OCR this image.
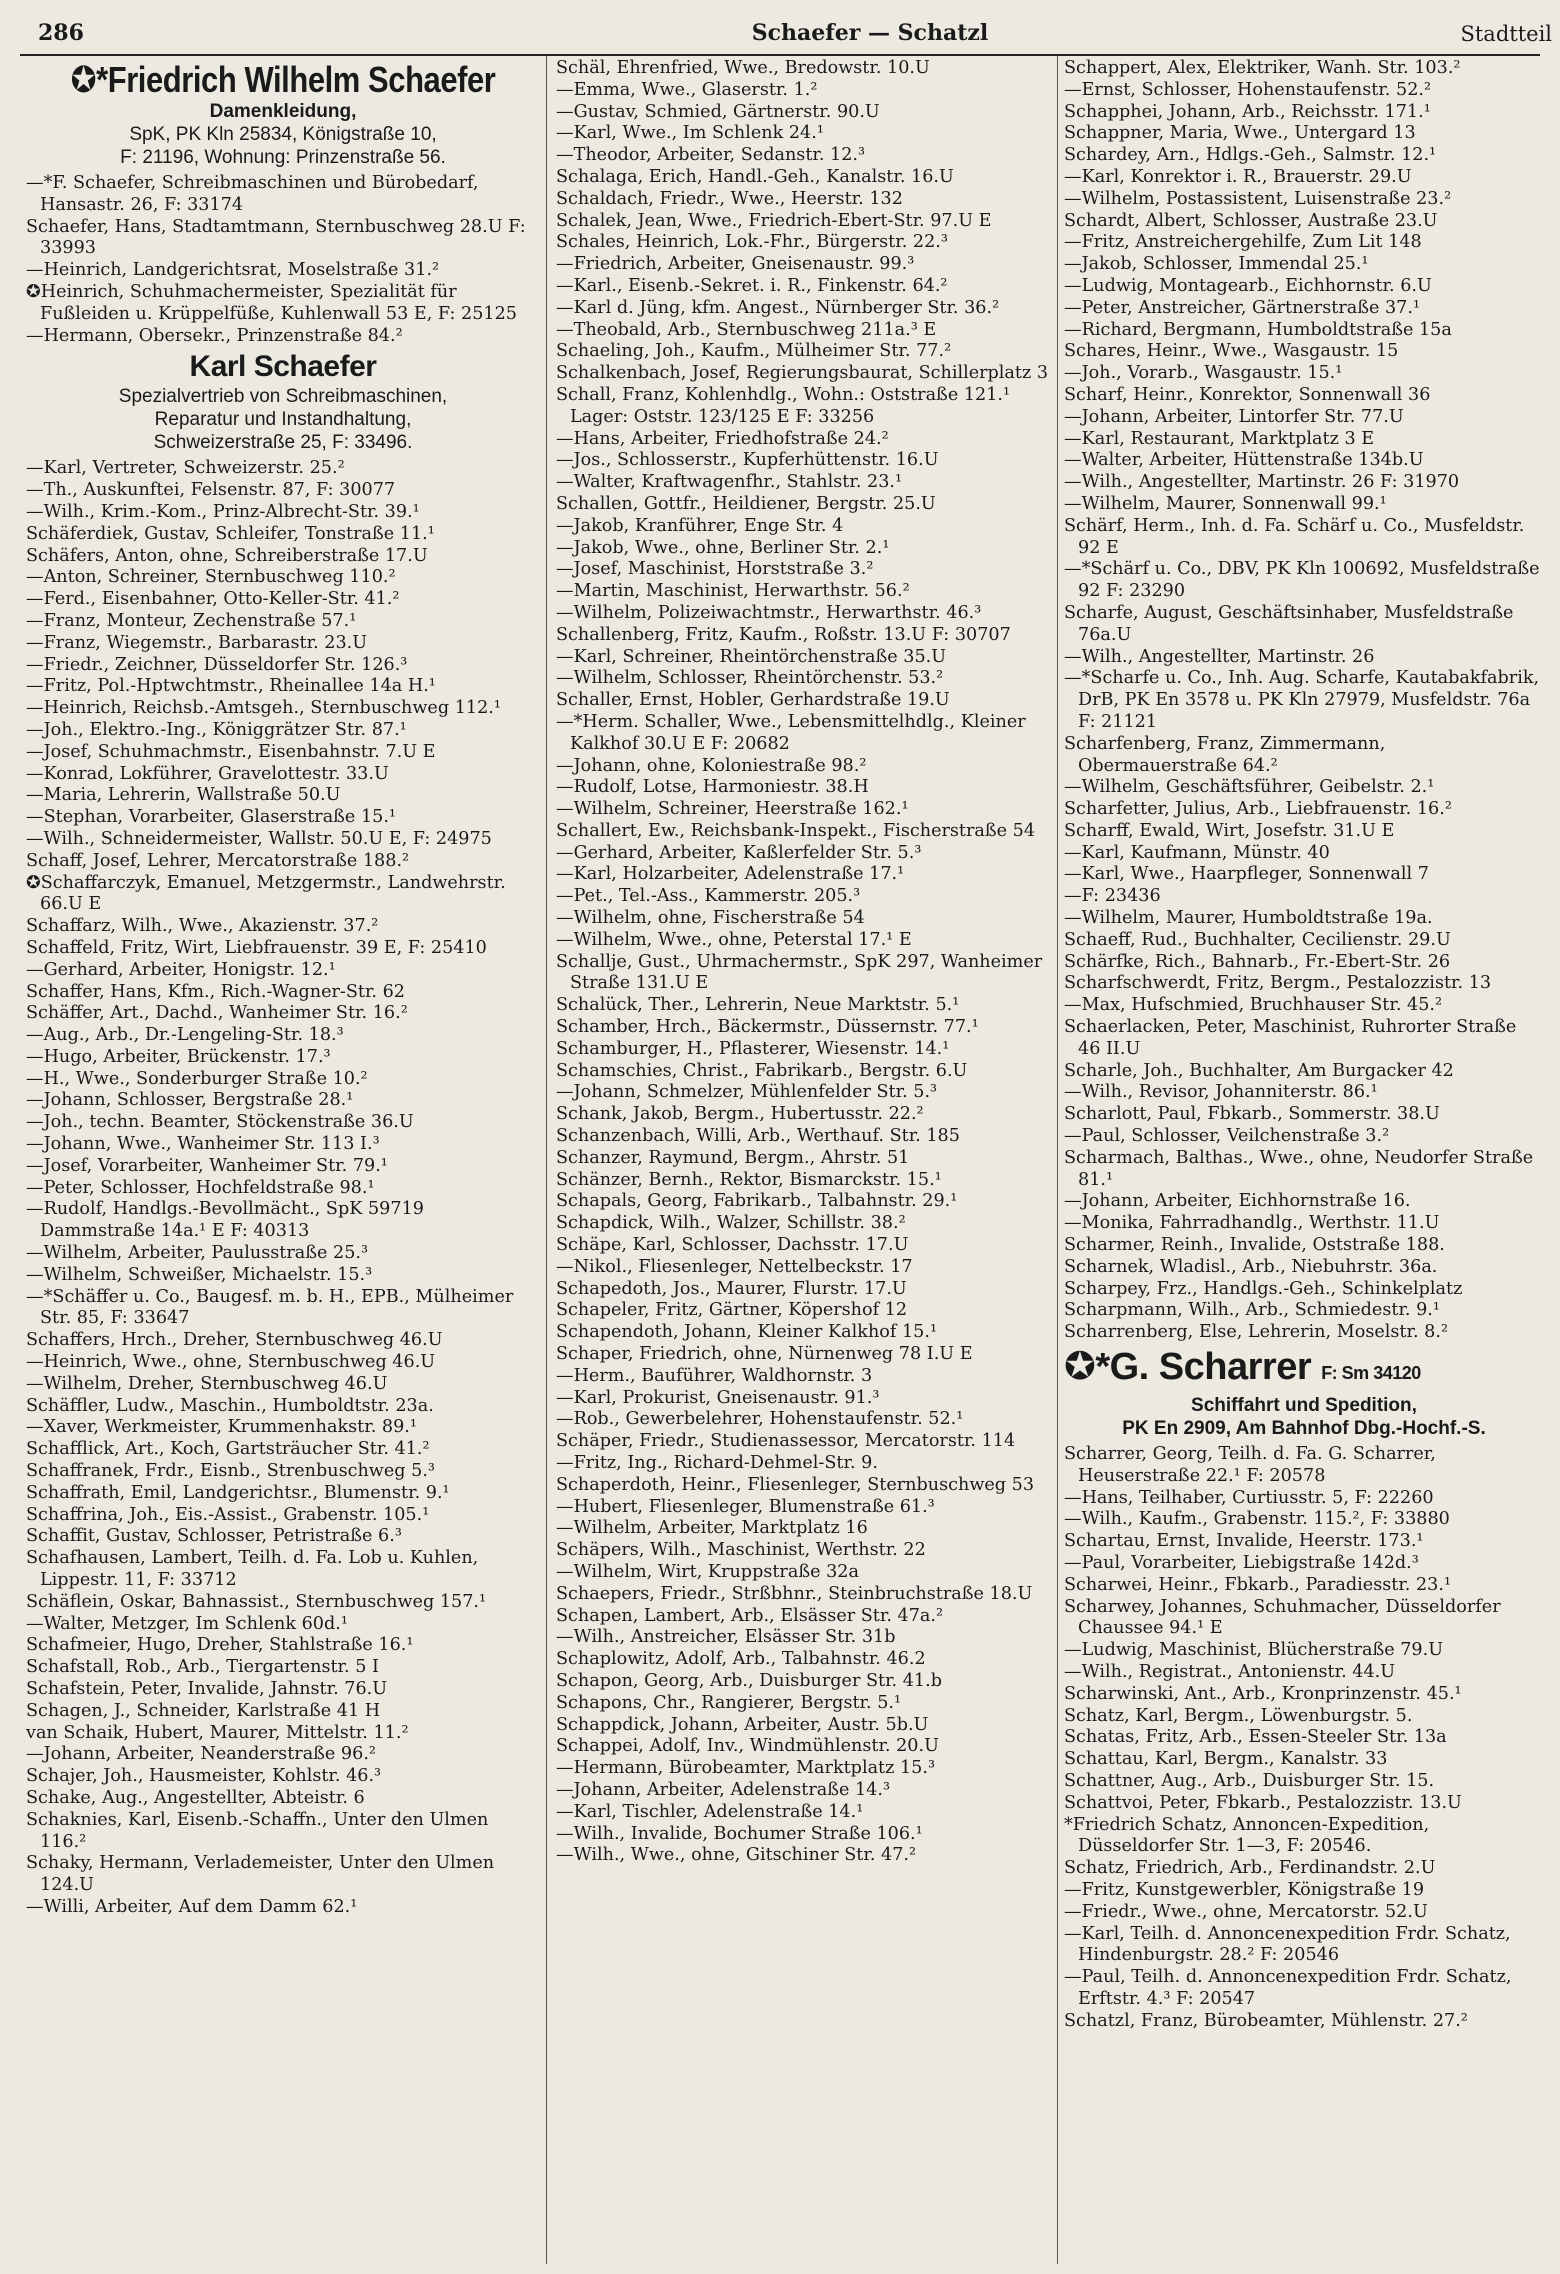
286	Schaefer — Schatzl	Stadtteil
✪*Friedrich Wilhelm Schaefer
Damenkleidung,
SpK, PK Kln 25834, Königstraße 10,
F: 21196, Wohnung: Prinzenstraße 56.
—*F. Schaefer, Schreibmaschinen und Bürobedarf, Hansastr. 26, F: 33174
Schaefer, Hans, Stadtamtmann, Sternbuschweg 28.U F: 33993
—Heinrich, Landgerichtsrat, Moselstraße 31.²
✪Heinrich, Schuhmachermeister, Spezialität für Fußleiden u. Krüppelfüße, Kuhlenwall 53 E, F: 25125
—Hermann, Obersekr., Prinzenstraße 84.²
Karl Schaefer
Spezialvertrieb von Schreibmaschinen,
Reparatur und Instandhaltung,
Schweizerstraße 25, F: 33496.
—Karl, Vertreter, Schweizerstr. 25.²
—Th., Auskunftei, Felsenstr. 87, F: 30077
—Wilh., Krim.-Kom., Prinz-Albrecht-Str. 39.¹
Schäferdiek, Gustav, Schleifer, Tonstraße 11.¹
Schäfers, Anton, ohne, Schreiberstraße 17.U
—Anton, Schreiner, Sternbuschweg 110.²
—Ferd., Eisenbahner, Otto-Keller-Str. 41.²
—Franz, Monteur, Zechenstraße 57.¹
—Franz, Wiegemstr., Barbarastr. 23.U
—Friedr., Zeichner, Düsseldorfer Str. 126.³
—Fritz, Pol.-Hptwchtmstr., Rheinallee 14a H.¹
—Heinrich, Reichsb.-Amtsgeh., Sternbuschweg 112.¹
—Joh., Elektro.-Ing., Königgrätzer Str. 87.¹
—Josef, Schuhmachmstr., Eisenbahnstr. 7.U E
—Konrad, Lokführer, Gravelottestr. 33.U
—Maria, Lehrerin, Wallstraße 50.U
—Stephan, Vorarbeiter, Glaserstraße 15.¹
—Wilh., Schneidermeister, Wallstr. 50.U E, F: 24975
Schaff, Josef, Lehrer, Mercatorstraße 188.²
✪Schaffarczyk, Emanuel, Metzgermstr., Landwehrstr. 66.U E
Schaffarz, Wilh., Wwe., Akazienstr. 37.²
Schaffeld, Fritz, Wirt, Liebfrauenstr. 39 E, F: 25410
—Gerhard, Arbeiter, Honigstr. 12.¹
Schaffer, Hans, Kfm., Rich.-Wagner-Str. 62
Schäffer, Art., Dachd., Wanheimer Str. 16.²
—Aug., Arb., Dr.-Lengeling-Str. 18.³
—Hugo, Arbeiter, Brückenstr. 17.³
—H., Wwe., Sonderburger Straße 10.²
—Johann, Schlosser, Bergstraße 28.¹
—Joh., techn. Beamter, Stöckenstraße 36.U
—Johann, Wwe., Wanheimer Str. 113 I.³
—Josef, Vorarbeiter, Wanheimer Str. 79.¹
—Peter, Schlosser, Hochfeldstraße 98.¹
—Rudolf, Handlgs.-Bevollmächt., SpK 59719 Dammstraße 14a.¹ E F: 40313
—Wilhelm, Arbeiter, Paulusstraße 25.³
—Wilhelm, Schweißer, Michaelstr. 15.³
—*Schäffer u. Co., Baugesf. m. b. H., EPB., Mülheimer Str. 85, F: 33647
Schaffers, Hrch., Dreher, Sternbuschweg 46.U
—Heinrich, Wwe., ohne, Sternbuschweg 46.U
—Wilhelm, Dreher, Sternbuschweg 46.U
Schäffler, Ludw., Maschin., Humboldtstr. 23a.
—Xaver, Werkmeister, Krummenhakstr. 89.¹
Schafflick, Art., Koch, Gartsträucher Str. 41.²
Schaffranek, Frdr., Eisnb., Strenbuschweg 5.³
Schaffrath, Emil, Landgerichtsr., Blumenstr. 9.¹
Schaffrina, Joh., Eis.-Assist., Grabenstr. 105.¹
Schaffit, Gustav, Schlosser, Petristraße 6.³
Schafhausen, Lambert, Teilh. d. Fa. Lob u. Kuhlen, Lippestr. 11, F: 33712
Schäflein, Oskar, Bahnassist., Sternbuschweg 157.¹
—Walter, Metzger, Im Schlenk 60d.¹
Schafmeier, Hugo, Dreher, Stahlstraße 16.¹
Schafstall, Rob., Arb., Tiergartenstr. 5 I
Schafstein, Peter, Invalide, Jahnstr. 76.U
Schagen, J., Schneider, Karlstraße 41 H
van Schaik, Hubert, Maurer, Mittelstr. 11.²
—Johann, Arbeiter, Neanderstraße 96.²
Schajer, Joh., Hausmeister, Kohlstr. 46.³
Schake, Aug., Angestellter, Abteistr. 6
Schaknies, Karl, Eisenb.-Schaffn., Unter den Ulmen 116.²
Schaky, Hermann, Verlademeister, Unter den Ulmen 124.U
—Willi, Arbeiter, Auf dem Damm 62.¹
Schäl, Ehrenfried, Wwe., Bredowstr. 10.U
—Emma, Wwe., Glaserstr. 1.²
—Gustav, Schmied, Gärtnerstr. 90.U
—Karl, Wwe., Im Schlenk 24.¹
—Theodor, Arbeiter, Sedanstr. 12.³
Schalaga, Erich, Handl.-Geh., Kanalstr. 16.U
Schaldach, Friedr., Wwe., Heerstr. 132
Schalek, Jean, Wwe., Friedrich-Ebert-Str. 97.U E
Schales, Heinrich, Lok.-Fhr., Bürgerstr. 22.³
—Friedrich, Arbeiter, Gneisenaustr. 99.³
—Karl., Eisenb.-Sekret. i. R., Finkenstr. 64.²
—Karl d. Jüng, kfm. Angest., Nürnberger Str. 36.²
—Theobald, Arb., Sternbuschweg 211a.³ E
Schaeling, Joh., Kaufm., Mülheimer Str. 77.²
Schalkenbach, Josef, Regierungsbaurat, Schillerplatz 3
Schall, Franz, Kohlenhdlg., Wohn.: Oststraße 121.¹ Lager: Oststr. 123/125 E F: 33256
—Hans, Arbeiter, Friedhofstraße 24.²
—Jos., Schlosserstr., Kupferhüttenstr. 16.U
—Walter, Kraftwagenfhr., Stahlstr. 23.¹
Schallen, Gottfr., Heildiener, Bergstr. 25.U
—Jakob, Kranführer, Enge Str. 4
—Jakob, Wwe., ohne, Berliner Str. 2.¹
—Josef, Maschinist, Horststraße 3.²
—Martin, Maschinist, Herwarthstr. 56.²
—Wilhelm, Polizeiwachtmstr., Herwarthstr. 46.³
Schallenberg, Fritz, Kaufm., Roßstr. 13.U F: 30707
—Karl, Schreiner, Rheintörchenstraße 35.U
—Wilhelm, Schlosser, Rheintörchenstr. 53.²
Schaller, Ernst, Hobler, Gerhardstraße 19.U
—*Herm. Schaller, Wwe., Lebensmittelhdlg., Kleiner Kalkhof 30.U E F: 20682
—Johann, ohne, Koloniestraße 98.²
—Rudolf, Lotse, Harmoniestr. 38.H
—Wilhelm, Schreiner, Heerstraße 162.¹
Schallert, Ew., Reichsbank-Inspekt., Fischerstraße 54
—Gerhard, Arbeiter, Kaßlerfelder Str. 5.³
—Karl, Holzarbeiter, Adelenstraße 17.¹
—Pet., Tel.-Ass., Kammerstr. 205.³
—Wilhelm, ohne, Fischerstraße 54
—Wilhelm, Wwe., ohne, Peterstal 17.¹ E
Schallje, Gust., Uhrmachermstr., SpK 297, Wanheimer Straße 131.U E
Schalück, Ther., Lehrerin, Neue Marktstr. 5.¹
Schamber, Hrch., Bäckermstr., Düssernstr. 77.¹
Schamburger, H., Pflasterer, Wiesenstr. 14.¹
Schamschies, Christ., Fabrikarb., Bergstr. 6.U
—Johann, Schmelzer, Mühlenfelder Str. 5.³
Schank, Jakob, Bergm., Hubertusstr. 22.²
Schanzenbach, Willi, Arb., Werthauf. Str. 185
Schanzer, Raymund, Bergm., Ahrstr. 51
Schänzer, Bernh., Rektor, Bismarckstr. 15.¹
Schapals, Georg, Fabrikarb., Talbahnstr. 29.¹
Schapdick, Wilh., Walzer, Schillstr. 38.²
Schäpe, Karl, Schlosser, Dachsstr. 17.U
—Nikol., Fliesenleger, Nettelbeckstr. 17
Schapedoth, Jos., Maurer, Flurstr. 17.U
Schapeler, Fritz, Gärtner, Köpershof 12
Schapendoth, Johann, Kleiner Kalkhof 15.¹
Schaper, Friedrich, ohne, Nürnenweg 78 I.U E
—Herm., Bauführer, Waldhornstr. 3
—Karl, Prokurist, Gneisenaustr. 91.³
—Rob., Gewerbelehrer, Hohenstaufenstr. 52.¹
Schäper, Friedr., Studienassessor, Mercatorstr. 114
—Fritz, Ing., Richard-Dehmel-Str. 9.
Schaperdoth, Heinr., Fliesenleger, Sternbuschweg 53
—Hubert, Fliesenleger, Blumenstraße 61.³
—Wilhelm, Arbeiter, Marktplatz 16
Schäpers, Wilh., Maschinist, Werthstr. 22
—Wilhelm, Wirt, Kruppstraße 32a
Schaepers, Friedr., Strßbhnr., Steinbruchstraße 18.U
Schapen, Lambert, Arb., Elsässer Str. 47a.²
—Wilh., Anstreicher, Elsässer Str. 31b
Schaplowitz, Adolf, Arb., Talbahnstr. 46.2
Schapon, Georg, Arb., Duisburger Str. 41.b
Schapons, Chr., Rangierer, Bergstr. 5.¹
Schappdick, Johann, Arbeiter, Austr. 5b.U
Schappei, Adolf, Inv., Windmühlenstr. 20.U
—Hermann, Bürobeamter, Marktplatz 15.³
—Johann, Arbeiter, Adelenstraße 14.³
—Karl, Tischler, Adelenstraße 14.¹
—Wilh., Invalide, Bochumer Straße 106.¹
—Wilh., Wwe., ohne, Gitschiner Str. 47.²
Schappert, Alex, Elektriker, Wanh. Str. 103.²
—Ernst, Schlosser, Hohenstaufenstr. 52.²
Schapphei, Johann, Arb., Reichsstr. 171.¹
Schappner, Maria, Wwe., Untergard 13
Schardey, Arn., Hdlgs.-Geh., Salmstr. 12.¹
—Karl, Konrektor i. R., Brauerstr. 29.U
—Wilhelm, Postassistent, Luisenstraße 23.²
Schardt, Albert, Schlosser, Austraße 23.U
—Fritz, Anstreichergehilfe, Zum Lit 148
—Jakob, Schlosser, Immendal 25.¹
—Ludwig, Montagearb., Eichhornstr. 6.U
—Peter, Anstreicher, Gärtnerstraße 37.¹
—Richard, Bergmann, Humboldtstraße 15a
Schares, Heinr., Wwe., Wasgaustr. 15
—Joh., Vorarb., Wasgaustr. 15.¹
Scharf, Heinr., Konrektor, Sonnenwall 36
—Johann, Arbeiter, Lintorfer Str. 77.U
—Karl, Restaurant, Marktplatz 3 E
—Walter, Arbeiter, Hüttenstraße 134b.U
—Wilh., Angestellter, Martinstr. 26 F: 31970
—Wilhelm, Maurer, Sonnenwall 99.¹
Schärf, Herm., Inh. d. Fa. Schärf u. Co., Musfeldstr. 92 E
—*Schärf u. Co., DBV, PK Kln 100692, Musfeldstraße 92 F: 23290
Scharfe, August, Geschäftsinhaber, Musfeldstraße 76a.U
—Wilh., Angestellter, Martinstr. 26
—*Scharfe u. Co., Inh. Aug. Scharfe, Kautabakfabrik, DrB, PK En 3578 u. PK Kln 27979, Musfeldstr. 76a F: 21121
Scharfenberg, Franz, Zimmermann, Obermauerstraße 64.²
—Wilhelm, Geschäftsführer, Geibelstr. 2.¹
Scharfetter, Julius, Arb., Liebfrauenstr. 16.²
Scharff, Ewald, Wirt, Josefstr. 31.U E
—Karl, Kaufmann, Münstr. 40
—Karl, Wwe., Haarpfleger, Sonnenwall 7
—F: 23436
—Wilhelm, Maurer, Humboldtstraße 19a.
Schaeff, Rud., Buchhalter, Cecilienstr. 29.U
Schärfke, Rich., Bahnarb., Fr.-Ebert-Str. 26
Scharfschwerdt, Fritz, Bergm., Pestalozzistr. 13
—Max, Hufschmied, Bruchhauser Str. 45.²
Schaerlacken, Peter, Maschinist, Ruhrorter Straße 46 II.U
Scharle, Joh., Buchhalter, Am Burgacker 42
—Wilh., Revisor, Johanniterstr. 86.¹
Scharlott, Paul, Fbkarb., Sommerstr. 38.U
—Paul, Schlosser, Veilchenstraße 3.²
Scharmach, Balthas., Wwe., ohne, Neudorfer Straße 81.¹
—Johann, Arbeiter, Eichhornstraße 16.
—Monika, Fahrradhandlg., Werthstr. 11.U
Scharmer, Reinh., Invalide, Oststraße 188.
Scharnek, Wladisl., Arb., Niebuhrstr. 36a.
Scharpey, Frz., Handlgs.-Geh., Schinkelplatz
Scharpmann, Wilh., Arb., Schmiedestr. 9.¹
Scharrenberg, Else, Lehrerin, Moselstr. 8.²
✪*G. Scharrer F: Sm 34120
Schiffahrt und Spedition,
PK En 2909, Am Bahnhof Dbg.-Hochf.-S.
Scharrer, Georg, Teilh. d. Fa. G. Scharrer, Heuserstraße 22.¹ F: 20578
—Hans, Teilhaber, Curtiusstr. 5, F: 22260
—Wilh., Kaufm., Grabenstr. 115.², F: 33880
Schartau, Ernst, Invalide, Heerstr. 173.¹
—Paul, Vorarbeiter, Liebigstraße 142d.³
Scharwei, Heinr., Fbkarb., Paradiesstr. 23.¹
Scharwey, Johannes, Schuhmacher, Düsseldorfer Chaussee 94.¹ E
—Ludwig, Maschinist, Blücherstraße 79.U
—Wilh., Registrat., Antonienstr. 44.U
Scharwinski, Ant., Arb., Kronprinzenstr. 45.¹
Schatz, Karl, Bergm., Löwenburgstr. 5.
Schatas, Fritz, Arb., Essen-Steeler Str. 13a
Schattau, Karl, Bergm., Kanalstr. 33
Schattner, Aug., Arb., Duisburger Str. 15.
Schattvoi, Peter, Fbkarb., Pestalozzistr. 13.U
*Friedrich Schatz, Annoncen-Expedition, Düsseldorfer Str. 1—3, F: 20546.
Schatz, Friedrich, Arb., Ferdinandstr. 2.U
—Fritz, Kunstgewerbler, Königstraße 19
—Friedr., Wwe., ohne, Mercatorstr. 52.U
—Karl, Teilh. d. Annoncenexpedition Frdr. Schatz, Hindenburgstr. 28.² F: 20546
—Paul, Teilh. d. Annoncenexpedition Frdr. Schatz, Erftstr. 4.³ F: 20547
Schatzl, Franz, Bürobeamter, Mühlenstr. 27.²
